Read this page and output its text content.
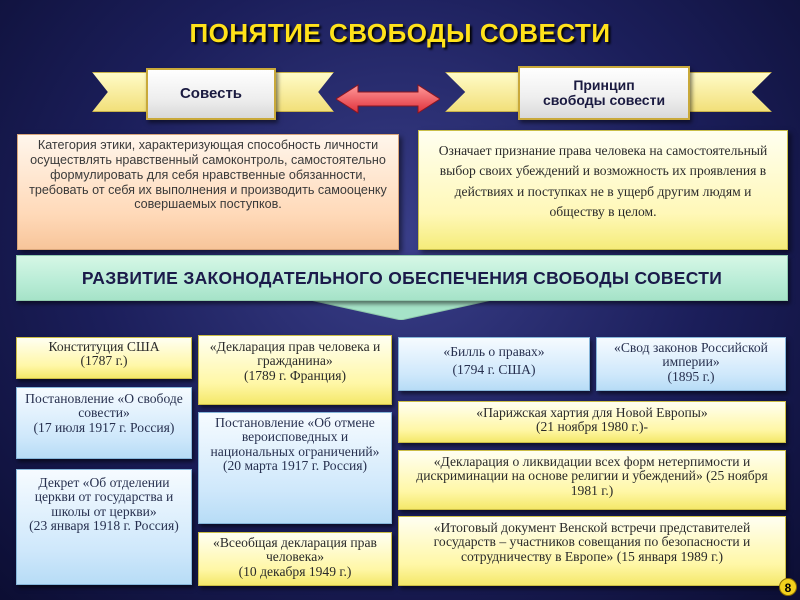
ПОНЯТИЕ СВОБОДЫ СОВЕСТИ
Совесть
Принцип
свободы совести
Категория этики, характеризующая способность личности осуществлять нравственный самоконтроль, самостоятельно формулировать для себя нравственные обязанности, требовать от себя их выполнения и производить самооценку совершаемых поступков.
Означает признание права человека на самостоятельный выбор своих убеждений и возможность их проявления в действиях и поступках не в ущерб другим людям и обществу в целом.
РАЗВИТИЕ ЗАКОНОДАТЕЛЬНОГО ОБЕСПЕЧЕНИЯ СВОБОДЫ СОВЕСТИ
Конституция США
(1787 г.)
Постановление «О свободе совести»
(17 июля 1917 г. Россия)
Декрет «Об отделении церкви от государства и школы от церкви»
(23 января 1918 г. Россия)
«Декларация прав человека и гражданина»
(1789 г. Франция)
Постановление «Об отмене вероисповедных и национальных ограничений»
(20 марта 1917 г. Россия)
«Всеобщая декларация прав человека»
(10 декабря 1949 г.)
«Билль о правах»
(1794 г. США)
«Свод законов Российской империи»
(1895 г.)
«Парижская хартия для Новой Европы»
(21 ноября 1980 г.)-
«Декларация о ликвидации всех форм нетерпимости и дискриминации на основе религии и убеждений» (25 ноября 1981 г.)
«Итоговый документ Венской встречи представителей государств – участников совещания по безопасности и сотрудничеству в Европе» (15 января 1989 г.)
8
